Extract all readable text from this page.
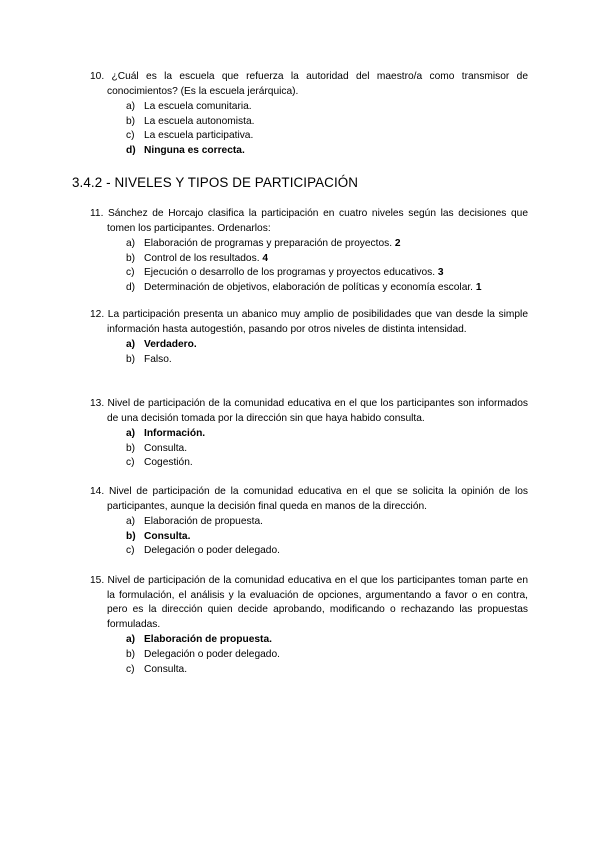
10. ¿Cuál es la escuela que refuerza la autoridad del maestro/a como transmisor de conocimientos? (Es la escuela jerárquica).
a) La escuela comunitaria.
b) La escuela autonomista.
c) La escuela participativa.
d) Ninguna es correcta.
3.4.2 - NIVELES Y TIPOS DE PARTICIPACIÓN
11. Sánchez de Horcajo clasifica la participación en cuatro niveles según las decisiones que tomen los participantes. Ordenarlos:
a) Elaboración de programas y preparación de proyectos. 2
b) Control de los resultados. 4
c) Ejecución o desarrollo de los programas y proyectos educativos. 3
d) Determinación de objetivos, elaboración de políticas y economía escolar. 1
12. La participación presenta un abanico muy amplio de posibilidades que van desde la simple información hasta autogestión, pasando por otros niveles de distinta intensidad.
a) Verdadero.
b) Falso.
13. Nivel de participación de la comunidad educativa en el que los participantes son informados de una decisión tomada por la dirección sin que haya habido consulta.
a) Información.
b) Consulta.
c) Cogestión.
14. Nivel de participación de la comunidad educativa en el que se solicita la opinión de los participantes, aunque la decisión final queda en manos de la dirección.
a) Elaboración de propuesta.
b) Consulta.
c) Delegación o poder delegado.
15. Nivel de participación de la comunidad educativa en el que los participantes toman parte en la formulación, el análisis y la evaluación de opciones, argumentando a favor o en contra, pero es la dirección quien decide aprobando, modificando o rechazando las propuestas formuladas.
a) Elaboración de propuesta.
b) Delegación o poder delegado.
c) Consulta.
